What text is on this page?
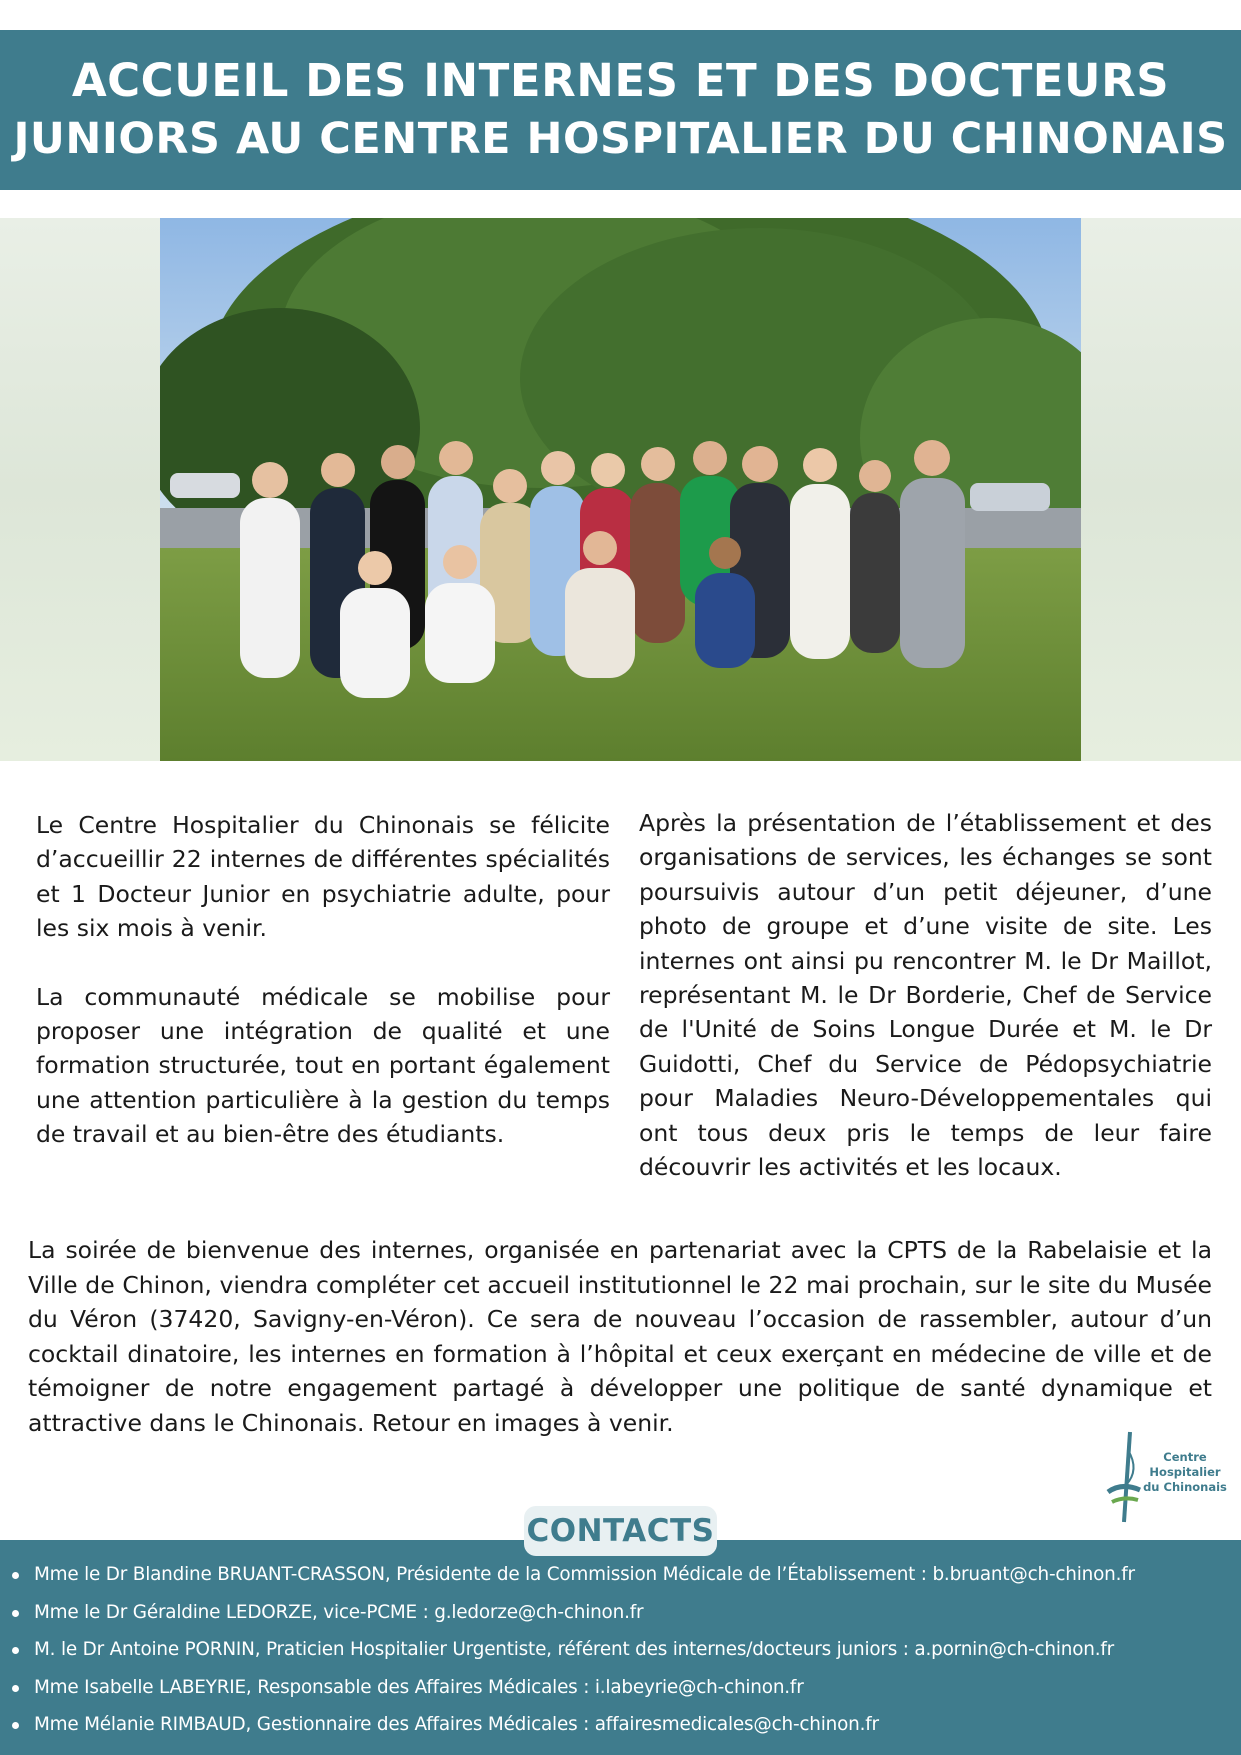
ACCUEIL DES INTERNES ET DES DOCTEURS
JUNIORS AU CENTRE HOSPITALIER DU CHINONAIS

Le Centre Hospitalier du Chinonais se félicite d’accueillir 22 internes de différentes spécialités et 1 Docteur Junior en psychiatrie adulte, pour les six mois à venir.

La communauté médicale se mobilise pour proposer une intégration de qualité et une formation structurée, tout en portant également une attention particulière à la gestion du temps de travail et au bien-être des étudiants.

Après la présentation de l’établissement et des organisations de services, les échanges se sont poursuivis autour d’un petit déjeuner, d’une photo de groupe et d’une visite de site. Les internes ont ainsi pu rencontrer M. le Dr Maillot, représentant M. le Dr Borderie, Chef de Service de l'Unité de Soins Longue Durée et M. le Dr Guidotti, Chef du Service de Pédopsychiatrie pour Maladies Neuro-Développementales qui ont tous deux pris le temps de leur faire découvrir les activités et les locaux.

La soirée de bienvenue des internes, organisée en partenariat avec la CPTS de la Rabelaisie et la Ville de Chinon, viendra compléter cet accueil institutionnel le 22 mai prochain, sur le site du Musée du Véron (37420, Savigny-en-Véron). Ce sera de nouveau l’occasion de rassembler, autour d’un cocktail dinatoire, les internes en formation à l’hôpital et ceux exerçant en médecine de ville et de témoigner de notre engagement partagé à développer une politique de santé dynamique et attractive dans le Chinonais. Retour en images à venir.

Centre
Hospitalier
du Chinonais
Mme le Dr Blandine BRUANT-CRASSON, Présidente de la Commission Médicale de l’Établissement : b.bruant@ch-chinon.fr
Mme le Dr Géraldine LEDORZE, vice-PCME : g.ledorze@ch-chinon.fr
M. le Dr Antoine PORNIN, Praticien Hospitalier Urgentiste, référent des internes/docteurs juniors : a.pornin@ch-chinon.fr
Mme Isabelle LABEYRIE, Responsable des Affaires Médicales : i.labeyrie@ch-chinon.fr
Mme Mélanie RIMBAUD, Gestionnaire des Affaires Médicales : affairesmedicales@ch-chinon.fr
CONTACTS
